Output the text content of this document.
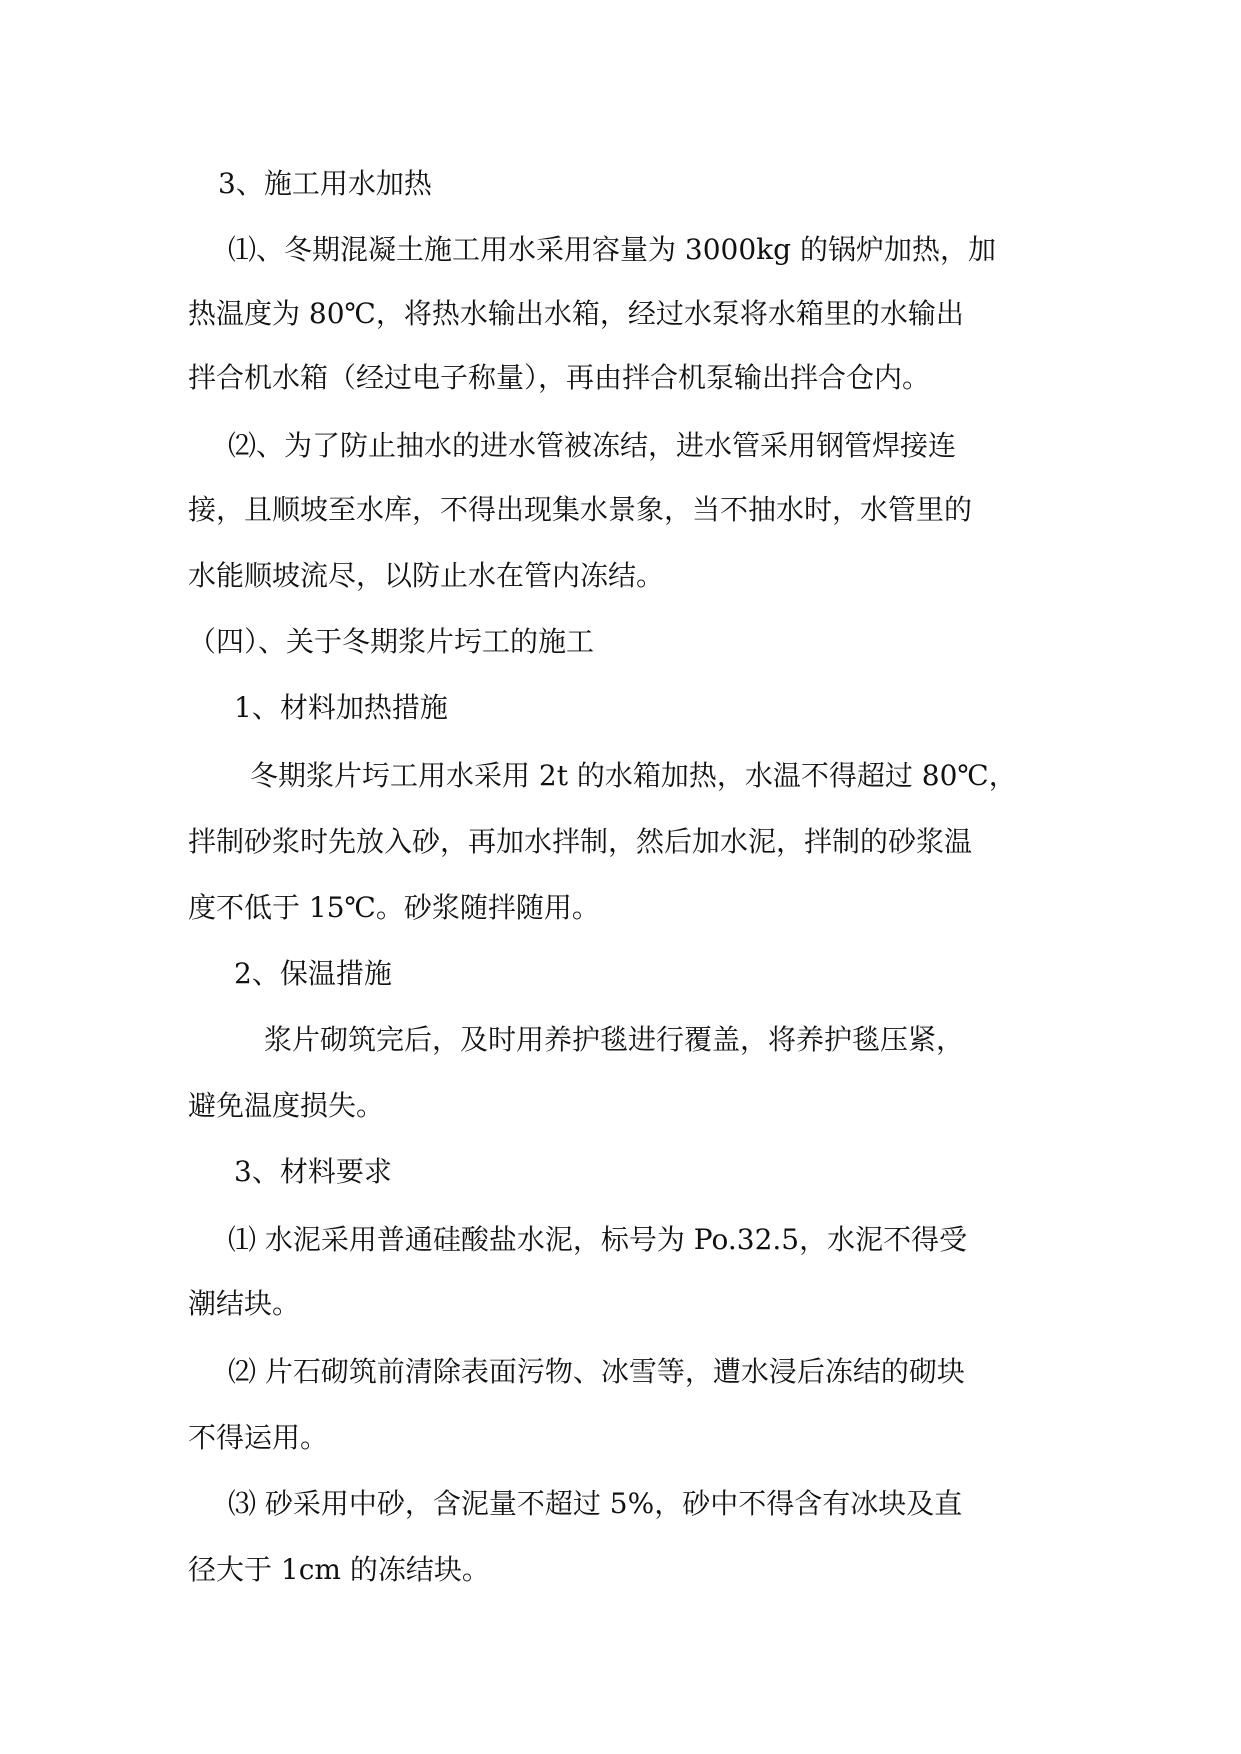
3、施工用水加热
⑴、冬期混凝土施工用水采用容量为 3000kg 的锅炉加热，加
热温度为 80℃，将热水输出水箱，经过水泵将水箱里的水输出
拌合机水箱（经过电子称量），再由拌合机泵输出拌合仓内。
⑵、为了防止抽水的进水管被冻结，进水管采用钢管焊接连
接，且顺坡至水库，不得出现集水景象，当不抽水时，水管里的
水能顺坡流尽，以防止水在管内冻结。
（四）、关于冬期浆片圬工的施工
1、材料加热措施
冬期浆片圬工用水采用 2t 的水箱加热，水温不得超过 80℃，
拌制砂浆时先放入砂，再加水拌制，然后加水泥，拌制的砂浆温
度不低于 15℃。砂浆随拌随用。
2、保温措施
浆片砌筑完后，及时用养护毯进行覆盖，将养护毯压紧，
避免温度损失。
3、材料要求
⑴ 水泥采用普通硅酸盐水泥，标号为 Po.32.5，水泥不得受
潮结块。
⑵ 片石砌筑前清除表面污物、冰雪等，遭水浸后冻结的砌块
不得运用。
⑶ 砂采用中砂，含泥量不超过 5%，砂中不得含有冰块及直
径大于 1cm 的冻结块。
